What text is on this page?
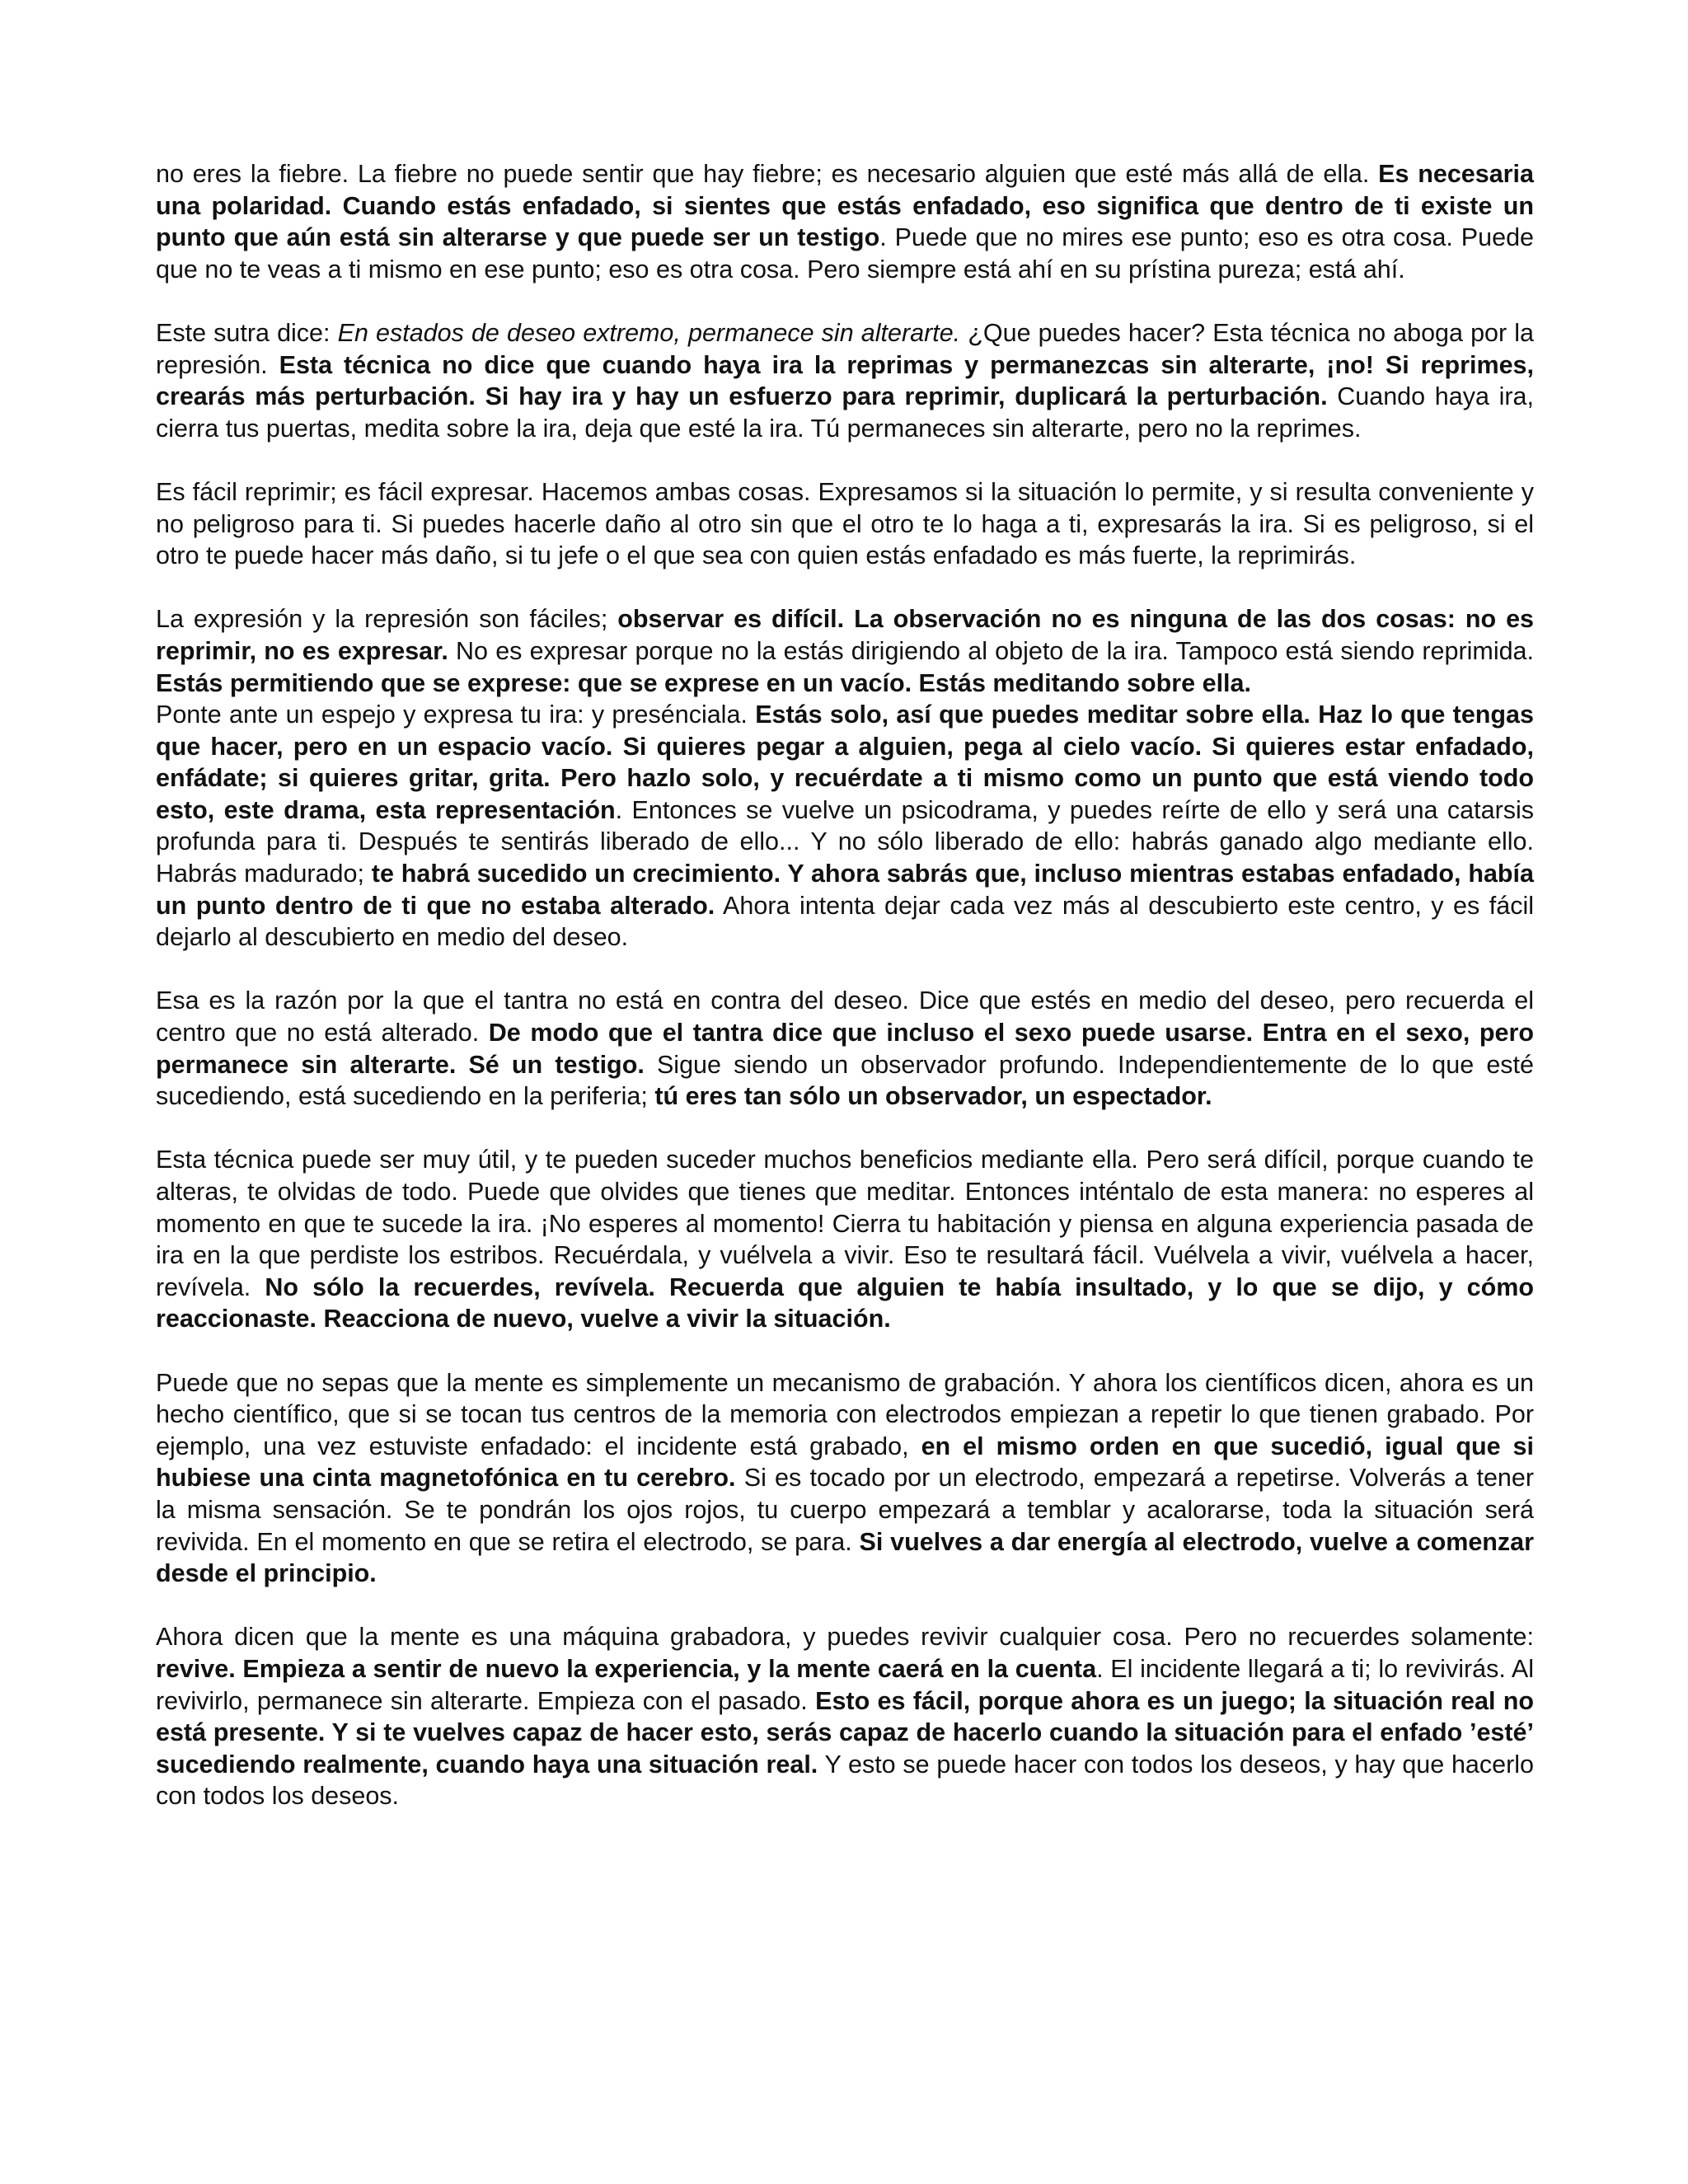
no eres la fiebre. La fiebre no puede sentir que hay fiebre; es necesario alguien que esté más allá de ella. Es necesaria una polaridad. Cuando estás enfadado, si sientes que estás enfadado, eso significa que dentro de ti existe un punto que aún está sin alterarse y que puede ser un testigo. Puede que no mires ese punto; eso es otra cosa. Puede que no te veas a ti mismo en ese punto; eso es otra cosa. Pero siempre está ahí en su prístina pureza; está ahí.

Este sutra dice: En estados de deseo extremo, permanece sin alterarte. ¿Que puedes hacer? Esta técnica no aboga por la represión. Esta técnica no dice que cuando haya ira la reprimas y permanezcas sin alterarte, ¡no! Si reprimes, crearás más perturbación. Si hay ira y hay un esfuerzo para reprimir, duplicará la perturbación. Cuando haya ira, cierra tus puertas, medita sobre la ira, deja que esté la ira. Tú permaneces sin alterarte, pero no la reprimes.

Es fácil reprimir; es fácil expresar. Hacemos ambas cosas. Expresamos si la situación lo permite, y si resulta conveniente y no peligroso para ti. Si puedes hacerle daño al otro sin que el otro te lo haga a ti, expresarás la ira. Si es peligroso, si el otro te puede hacer más daño, si tu jefe o el que sea con quien estás enfadado es más fuerte, la reprimirás.

La expresión y la represión son fáciles; observar es difícil. La observación no es ninguna de las dos cosas: no es reprimir, no es expresar. No es expresar porque no la estás dirigiendo al objeto de la ira. Tampoco está siendo reprimida. Estás permitiendo que se exprese: que se exprese en un vacío. Estás meditando sobre ella.

Ponte ante un espejo y expresa tu ira: y presénciala. Estás solo, así que puedes meditar sobre ella. Haz lo que tengas que hacer, pero en un espacio vacío. Si quieres pegar a alguien, pega al cielo vacío. Si quieres estar enfadado, enfádate; si quieres gritar, grita. Pero hazlo solo, y recuérdate a ti mismo como un punto que está viendo todo esto, este drama, esta representación. Entonces se vuelve un psicodrama, y puedes reírte de ello y será una catarsis profunda para ti. Después te sentirás liberado de ello... Y no sólo liberado de ello: habrás ganado algo mediante ello. Habrás madurado; te habrá sucedido un crecimiento. Y ahora sabrás que, incluso mientras estabas enfadado, había un punto dentro de ti que no estaba alterado. Ahora intenta dejar cada vez más al descubierto este centro, y es fácil dejarlo al descubierto en medio del deseo.

Esa es la razón por la que el tantra no está en contra del deseo. Dice que estés en medio del deseo, pero recuerda el centro que no está alterado. De modo que el tantra dice que incluso el sexo puede usarse. Entra en el sexo, pero permanece sin alterarte. Sé un testigo. Sigue siendo un observador profundo. Independientemente de lo que esté sucediendo, está sucediendo en la periferia; tú eres tan sólo un observador, un espectador.

Esta técnica puede ser muy útil, y te pueden suceder muchos beneficios mediante ella. Pero será difícil, porque cuando te alteras, te olvidas de todo. Puede que olvides que tienes que meditar. Entonces inténtalo de esta manera: no esperes al momento en que te sucede la ira. ¡No esperes al momento! Cierra tu habitación y piensa en alguna experiencia pasada de ira en la que perdiste los estribos. Recuérdala, y vuélvela a vivir. Eso te resultará fácil. Vuélvela a vivir, vuélvela a hacer, revívela. No sólo la recuerdes, revívela. Recuerda que alguien te había insultado, y lo que se dijo, y cómo reaccionaste. Reacciona de nuevo, vuelve a vivir la situación.

Puede que no sepas que la mente es simplemente un mecanismo de grabación. Y ahora los científicos dicen, ahora es un hecho científico, que si se tocan tus centros de la memoria con electrodos empiezan a repetir lo que tienen grabado. Por ejemplo, una vez estuviste enfadado: el incidente está grabado, en el mismo orden en que sucedió, igual que si hubiese una cinta magnetofónica en tu cerebro. Si es tocado por un electrodo, empezará a repetirse. Volverás a tener la misma sensación. Se te pondrán los ojos rojos, tu cuerpo empezará a temblar y acalorarse, toda la situación será revivida. En el momento en que se retira el electrodo, se para. Si vuelves a dar energía al electrodo, vuelve a comenzar desde el principio.

Ahora dicen que la mente es una máquina grabadora, y puedes revivir cualquier cosa. Pero no recuerdes solamente: revive. Empieza a sentir de nuevo la experiencia, y la mente caerá en la cuenta. El incidente llegará a ti; lo revivirás. Al revivirlo, permanece sin alterarte. Empieza con el pasado. Esto es fácil, porque ahora es un juego; la situación real no está presente. Y si te vuelves capaz de hacer esto, serás capaz de hacerlo cuando la situación para el enfado ’esté’ sucediendo realmente, cuando haya una situación real. Y esto se puede hacer con todos los deseos, y hay que hacerlo con todos los deseos.
